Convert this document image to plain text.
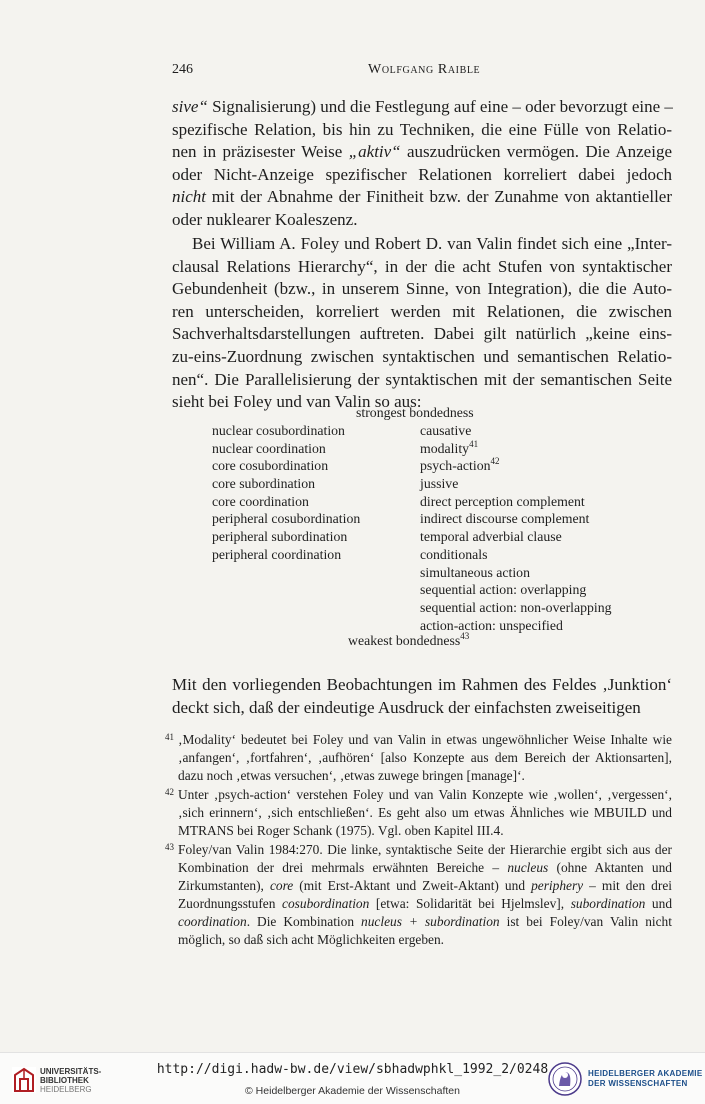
246	Wolfgang Raible
sive“ Signalisierung) und die Festlegung auf eine – oder bevorzugt eine –
spezifische Relation, bis hin zu Techniken, die eine Fülle von Relatio-
nen in präzisester Weise „aktiv“ auszudrücken vermögen. Die Anzeige
oder Nicht-Anzeige spezifischer Relationen korreliert dabei jedoch
nicht mit der Abnahme der Finitheit bzw. der Zunahme von aktantieller
oder nuklearer Koaleszenz.
Bei William A. Foley und Robert D. van Valin findet sich eine „Inter-
clausal Relations Hierarchy“, in der die acht Stufen von syntaktischer
Gebundenheit (bzw., in unserem Sinne, von Integration), die die Auto-
ren unterscheiden, korreliert werden mit Relationen, die zwischen
Sachverhaltsdarstellungen auftreten. Dabei gilt natürlich „keine eins-
zu-eins-Zuordnung zwischen syntaktischen und semantischen Relatio-
nen“. Die Parallelisierung der syntaktischen mit der semantischen Seite
sieht bei Foley und van Valin so aus:
strongest bondedness
nuclear cosubordination
nuclear coordination
core cosubordination
core subordination
core coordination
peripheral cosubordination
peripheral subordination
peripheral coordination
causative
modality$^{41}$
psych-action$^{42}$
jussive
direct perception complement
indirect discourse complement
temporal adverbial clause
conditionals
simultaneous action
sequential action: overlapping
sequential action: non-overlapping
action-action: unspecified
weakest bondedness$^{43}$
Mit den vorliegenden Beobachtungen im Rahmen des Feldes ‚Junktion‘
deckt sich, daß der eindeutige Ausdruck der einfachsten zweiseitigen
41 ‚Modality‘ bedeutet bei Foley und van Valin in etwas ungewöhnlicher Weise Inhalte wie
‚anfangen‘, ‚fortfahren‘, ‚aufhören‘ [also Konzepte aus dem Bereich der Aktionsarten],
dazu noch ‚etwas versuchen‘, ‚etwas zuwege bringen [manage]‘.
42 Unter ‚psych-action‘ verstehen Foley und van Valin Konzepte wie ‚wollen‘, ‚vergessen‘,
‚sich erinnern‘, ‚sich entschließen‘. Es geht also um etwas Ähnliches wie MBUILD und
MTRANS bei Roger Schank (1975). Vgl. oben Kapitel III.4.
43 Foley/van Valin 1984:270. Die linke, syntaktische Seite der Hierarchie ergibt sich aus der
Kombination der drei mehrmals erwähnten Bereiche – nucleus (ohne Aktanten und
Zirkumstanten), core (mit Erst-Aktant und Zweit-Aktant) und periphery – mit den drei
Zuordnungsstufen cosubordination [etwa: Solidarität bei Hjelmslev], subordination und
coordination. Die Kombination nucleus + subordination ist bei Foley/van Valin nicht
möglich, so daß sich acht Möglichkeiten ergeben.
UNIVERSITÄTS-
BIBLIOTHEK
HEIDELBERG
http://digi.hadw-bw.de/view/sbhadwphkl_1992_2/0248
© Heidelberger Akademie der Wissenschaften
HEIDELBERGER AKADEMIE
DER WISSENSCHAFTEN
